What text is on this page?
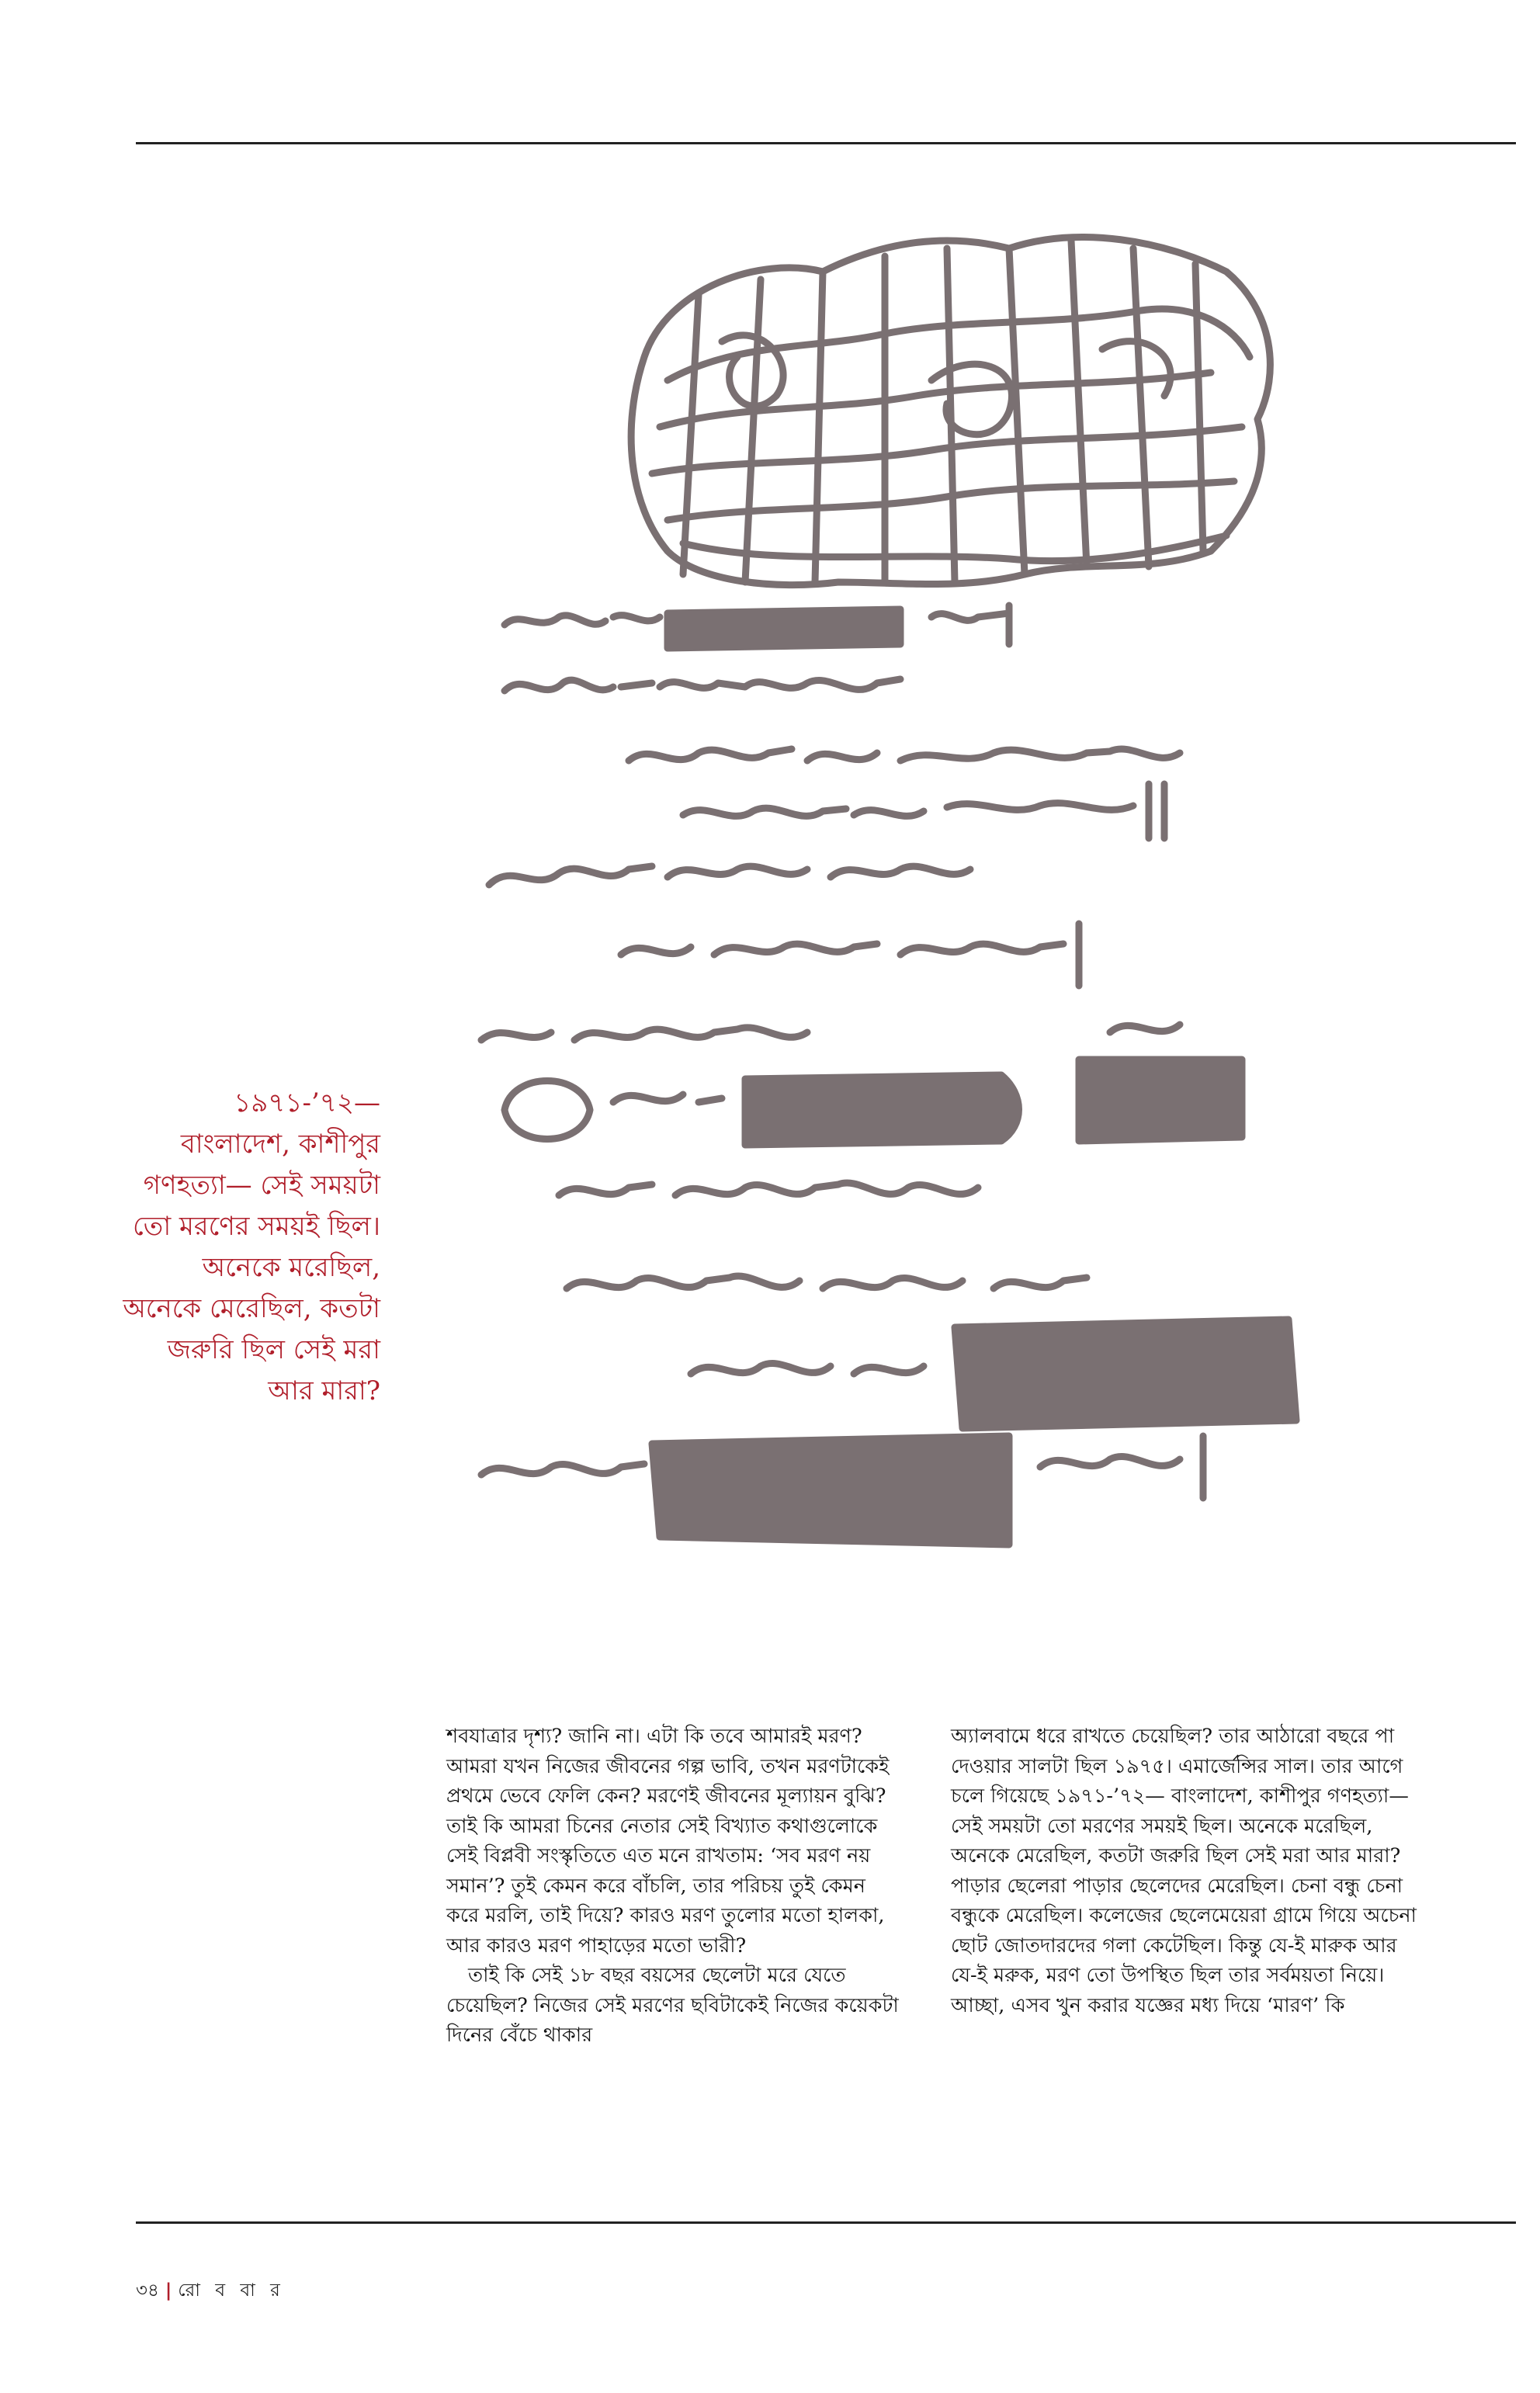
১৯৭১-’৭২— বাংলাদেশ, কাশীপুর গণহত্যা— সেই সময়টা তো মরণের সময়ই ছিল। অনেকে মরেছিল, অনেকে মেরেছিল, কতটা জরুরি ছিল সেই মরা আর মারা?

শবযাত্রার দৃশ্য? জানি না। এটা কি তবে আমারই মরণ? আমরা যখন নিজের জীবনের গল্প ভাবি, তখন মরণটাকেই প্রথমে ভেবে ফেলি কেন? মরণেই জীবনের মূল্যায়ন বুঝি? তাই কি আমরা চিনের নেতার সেই বিখ্যাত কথাগুলোকে সেই বিপ্লবী সংস্কৃতিতে এত মনে রাখতাম: ‘সব মরণ নয় সমান’? তুই কেমন করে বাঁচলি, তার পরিচয় তুই কেমন করে মরলি, তাই দিয়ে? কারও মরণ তুলোর মতো হালকা, আর কারও মরণ পাহাড়ের মতো ভারী?

তাই কি সেই ১৮ বছর বয়সের ছেলেটা মরে যেতে চেয়েছিল? নিজের সেই মরণের ছবিটাকেই নিজের কয়েকটা দিনের বেঁচে থাকার

অ্যালবামে ধরে রাখতে চেয়েছিল? তার আঠারো বছরে পা দেওয়ার সালটা ছিল ১৯৭৫। এমার্জেন্সির সাল। তার আগে চলে গিয়েছে ১৯৭১-’৭২— বাংলাদেশ, কাশীপুর গণহত্যা— সেই সময়টা তো মরণের সময়ই ছিল। অনেকে মরেছিল, অনেকে মেরেছিল, কতটা জরুরি ছিল সেই মরা আর মারা? পাড়ার ছেলেরা পাড়ার ছেলেদের মেরেছিল। চেনা বন্ধু চেনা বন্ধুকে মেরেছিল। কলেজের ছেলেমেয়েরা গ্রামে গিয়ে অচেনা ছোট জোতদারদের গলা কেটেছিল। কিন্তু যে-ই মারুক আর যে-ই মরুক, মরণ তো উপস্থিত ছিল তার সর্বময়তা নিয়ে। আচ্ছা, এসব খুন করার যজ্ঞের মধ্য দিয়ে ‘মারণ’ কি

৩৪ | রো ব বা র
